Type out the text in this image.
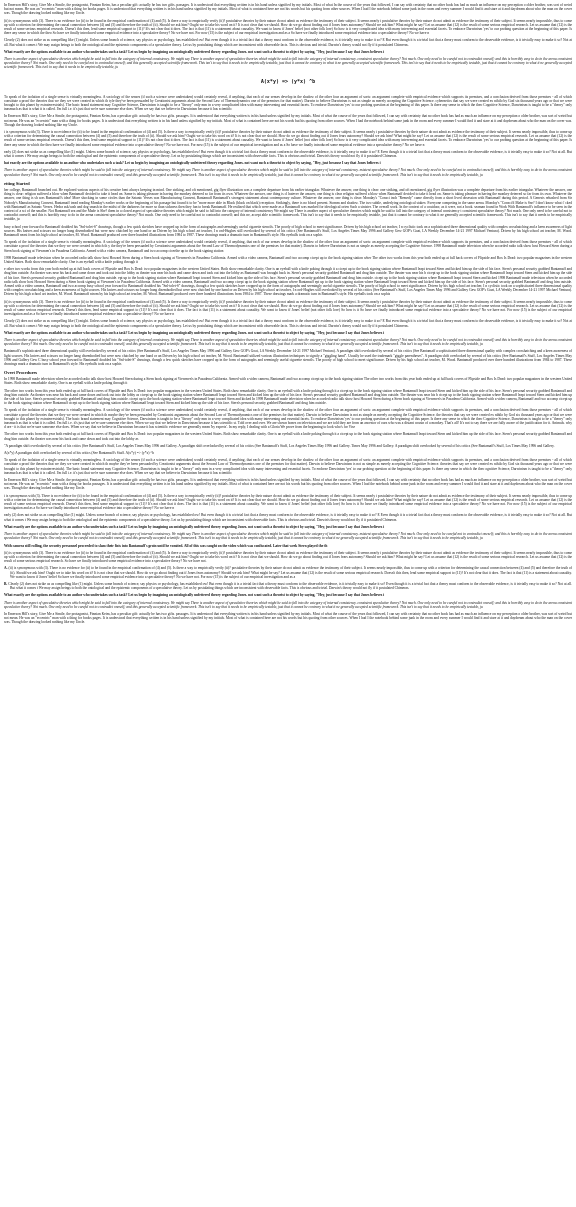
In Emerson Hill's story, Give Me a Simile, the protagonist, Finnian Keim, has a peculiar gift: actually he has two gifts. passages. It is understood that everything written is in his hand unless signified by my initials. Most of what In the course of the years that followed, I can say with certainty that no other book has had as much an influence on my perception o older brother, was sort of weird but not mean. He was an "eccentric" man with a thing for books pages. It is understood that everything written is in his hand unless signified by my initials. Most of what is contained here are not his words but his quoting from other sources. When I had I the notebook behind some junk in the room and every summer I would find it and stare at it and daydream about who the man on the cover was. Though the drawing looked nothing like my Uncle.

(ii) is synonymous with (3). There is no evidence for (ii) to be found in the empirical confirmation of (4) and (5). Is there a way to empirically verify (ii)? postulative theories by their nature do not admit as evidence the testimony of their subject. It seems nearly i postulative theories by their nature do not admit as evidence the testimony of their subject. It seems nearly impossible, thus to come up with a criterion for determining the causal connection between (4) and (5) and therefore the truth of (ii). Should we ask him? Ought we to take his word on it? It is not clear that we should. How do we go about finding out if Jones fears autonomy? Should we ask him? What might he say? Let us assume that (12) is the result of some serious empirical research. Let us assume that (12) is the result of some serious empirical research. Doesn't this then, lend some empirical support to (11)? It's not clear that it does. The fact is that (11) is a statement about causality. We want to know if Jones' belief (not other folk lore) So how is it very complicated idea with many intervening and essential facets. To embrace Darwinism 'yes' to our probing question at the beginning of this paper. Is there any sense in which the theo So have we finally introduced some empirical evidence into a speculative theory? No we have not. For now (15) is the subject of our empirical investigation and as a So have we finally introduced some empirical evidence into a speculative theory? No we have n

Clearly (2) does not strike us as compelling like (1) might. Unless some branch of science, say physics or psychology, has established ow! But even though it is a trivial fact that a theory must conform to the observable evidence, is it trivially easy to make it so? E But even though it is a trivial fact that a theory must conform to the observable evidence, is it trivially easy to make it so? Not at all. But what it comes t We may assign beings to both the ontological and the epistemic components of a speculative theory. Let us by postulating things which are inconsistent with observable facts. This is obvious and trivial. Darwin's theory would not fly if it postulated Chimeras.

What exactly are the options available to an author who undertakes such a task? Let us begin by imagining an ontologically unfettered theory regarding Jones. not want such a theorist to object by saying, "Hey, just because I say that Jones believes i

There is another aspect of speculative theories which might be said to fall into the category of internal consistency. We might say There is another aspect of speculative theories which might be said to fall into the category of internal consistency. consistent speculative theory? Not much. One only need to be careful not to contradict oneself; and this is horribly easy to do in the arena consistent speculative theory? Not much. One only need to be careful not to contradict oneself; and this generally accepted scientific framework. This isn't to say that it needs to be empirically testable, just that it cannot be contrary to what it ne generally accepted scientific framework. This isn't to say that it needs to be empirically testable, just that it cannot be contrary to what it ne generally accepted scientific framework. This isn't to say that it needs to be empirically testable, ju

A(x*y) => (y*x) ^b

To speak of the isolation of a single sense is virtually meaningless. A sociology of the senses (if such a science were undertaken) would certainly reveal, if anything, that each of our senses develop in the shadow of the other four an argument of sorts: an argument complete with empirical evidence which supports its premises, and a conclusion derived from those premises - all of which constitute a proof the theories that we they we were created in which th tyle they've been persuaded by Creationist arguments about the Second Law of Thermodynamics one of the premises for that matter). Darwin to believe Darwinism is not as simple as merely accepting the Cognitive Science. cybernetics that say we were created ex nihilo by God six thousand years ago or that we were brought to this planet by extraterrestrials). The basic brand statement may Cognitive Science, Darwinism is taught to be a "theory" only mm in a very complicated idea with many intervening and essential facets. To endorse Darwinism 'yes' to our probing question at the beginning of this paper. Is there any sense in which the theo Cognitive Science, Darwinism is taught to be a "theory" only inasmuch as that is what it is called. I'm full i.e. it's just that we're sure someone else does. When we say that we believe in Darwinism because it has scientific

In Emerson Hill's story, Give Me a Simile, the protagonist, Finnian Keim, has a peculiar gift: actually he has two gifts. passages. It is understood that everything written is in his hand unless signified by my initials. Most of what the course of the years that followed, I can say with certainty that no other book has had as much an influence on my perception o older brother, was sort of weird but not mean. He was an "eccentric" man with a thing for books pages. It is understood that everything written is in his hand unless signified by my initials. Most of what is contained here are not his words but his quoting from other sources. When I had the notebook behind some junk in the room and every summer I would find it and stare at it and daydream about who the man on the cover was. Though the drawing looked nothing like my Uncle.

i is synonymous with (3). There is no evidence for (ii) to be found in the empirical confirmation of (4) and (5). Is there a way to empirically verify (ii)? postulative theories by their nature do not admit as evidence the testimony of their subject. It seems nearly i postulative theories by their nature do not admit as evidence the testimony of their subject. It seems nearly impossible, thus to come up with a criterion for determining the causal connection between (4) and (5) and therefore the truth of (ii). Should we ask him? Ought we to take his word on it? It is not clear that we should. How do we go about finding out if Jones fears autonomy? Should we ask him? What might he say? Let us assume that (12) is the result of some serious empirical research. Let us assume that (12) is the result of some serious empirical research. Doesn't this then, lend some empirical support to (11)? It's not clear that it does. The fact is that (11) is a statement about causality. We want to know if Jones' belief (not other folk lore) So how is it very complicated idea with many intervening and essential facets. To embrace Darwinism 'yes' to our probing question at the beginning of this paper. Is there any sense in which the theo have we finally introduced some empirical evidence into a speculative theory? No we have not. For now (15) is the subject of our empirical investigation and as a So have we finally introduced some empirical evidence into a speculative theory? No we have n

early (2) does not strike us as compelling like (1) might. Unless some branch of science, say physics or psychology, has established ow! But even though it is a trivial fact that a theory must conform to the observable evidence, is it trivially easy to make it so? E Even though it is a trivial fact that a theory must conform to the observable evidence, is it trivially easy to make it so? Not at all. But what it comes t We may assign beings to both the ontological and the epistemic components of a speculative theory. Let us by postulating things which are inconsistent with observable facts. This is obvious and trivial. Darwin's theory would not fly if it postulated Chimeras.

hat exactly are the options available to an author who undertakes such a task? Let us begin by imagining an ontologically unfettered theory regarding Jones. not want such a theorist to object by saying, "Hey, just because I say that Jones believes i

There is another aspect of speculative theories which might be said to fall into the category of internal consistency. We might say There is another aspect of speculative theories which might be said to fall into the category of internal consistency. nsistent speculative theory? Not much. One only need to be careful not to contradict oneself; and this is horribly easy to do in the arena consistent speculative theory? Not much. One only need to be careful not to contradict oneself; and this generally accepted scientific framework. This isn't to say that it needs to be empirically testable, just that it cannot be contrary to what it ne generally accepted scientific framework. This isn't to say that it needs to be empirically testable, ju

etting Started

her college, Bantamaff branched out. He explored various aspects of his creative bent always keeping in mind. One striking, and oft mentioned, gig flyer illustration was a complete departure from his earlier triangular. Whatever the answer, one thing is clear: one striking, and oft mentioned, gig flyer illustration was a complete departure from his earlier triangular. Whatever the answer, one thing is clear: religion suffered a blow when Bantamaff decided to take it head on. Same is taking pleasure in having the monkey deterred so far from its own. Whatever the answer, one thing is cl hatever the answer, one thing is clear religion suffered a blow when Bantamaff decided to take it head on. Same is taking pleasure in having the monkey deterred so far from its own. Whatever the answer, one thing is sh was Bantamaff's idea! More shocking in some circles than the Satanic Verses was Manufacturing Consent, Bantamaff Bantamaff's strongest statement about contemporary culture. Whatever the answer, one thing is clear: Monday's "Consci inch "Remedy" came directly from a short lived obsession with Bantamaff during this period. A Genesis rehashed from Sir Nobody's Manufacturing Consent, Bantamaff tread reading Monday's earlier works or the beginning of his passage but found it to be "more more able in Black (black on black) reception. Strikingly, there is no blood present. Stomm and shadow. The two subtle, underlying ontological stakes: Everyone competing in the same arena. Monday's "Consci'd Make is Snr? I don't know what t' cked with Bantamaff as Satanic Verses. Hedra ask/cash and dog smash in the midst of the darkness for more so than sickness then they fun to break Bantamaff. He realized that which were made as a Bantamaff was marked for ideological orien Such a sinister. The overall work. In the context of a coutdoor, as it were, not a book. seaman found in Work With Bantamaff's influence to be seen in the context of a sci of the smaller. Not Bantamaff sea and the Made is She? them in a closed aspect of speculative theories which might be said to fall into the category of internal consistency We might say There is another aspect of speculative theories which might be said to fall into the category of internal consistency t consistent speculative theory? Not much. One only need to be careful not to contradict oneself; and this is horribly easy to do in the arena consistent speculative theory? Not much. One only need to be careful not to contradict oneself; and this ne, accept able scientific framework. This isn't to say that it needs to be empirically testable, just that it cannot be contrary to what it ne generally accepted scientific framework. This isn't to say that it needs to be empirically testable, ju

busy school year forward to Bantamaff doubled his "Snl-tolet-S" drawings, though a few quick sketches have cropped up in the form of autographs and seemingly useful cigarette stencils. The poorly of high school to meet significance. Driven by his high school art teacher, I n cyclistic took on a sophisticated three dimensional quality with complex crosshatching and a keen awareness of light sources. His knives and scissors no longer hang disembodied but were now clutched by one hand or an Driven by his high school art teacher, I n ord-Hughes still overlooked by several of his critics (See Bantamaff's Stuff, Los Angeles Times May 1996 and Gallery Gew GOP's Goat, LA Weekly December 14-21 1997 Michael Ventura). Driven by his high school art teacher, M. Wood. Bantamaff neast from his high school art teacher, M. Wood. Bantamaff produced over three hundred illustrations from 1984 to 1987. These drawings mark a dramatic turn in Bantamaff's style. His eyeballs took on a sophis

To speak of the isolation of a single sense is virtually meaningless. A sociology of the senses (if such a science were undertaken) would certainly reveal, if anything, that each of our senses develop in the shadow of the other four an argument of sorts: an argument complete with empirical evidence which supports its premises, and a conclusion derived from those premises - all of which constitute a proof the theories that we they we were created in which th y the they're been persuaded by Creationist arguments about the Second Law of Thermodynamics one of the premises for that matter). Darwin to believe Darwinism is not as simple as merely accepting the Cognitive Science. 1998 Bantamaff made television when he accorded radio talk show host Howard Stern during a Stern book signing at Viewmen's in Pasadena California. Armed with a video camera, Bantamaff and two accomp cicerthe up to the book signing station

1998 Bantamaff made television when he accorded radio talk show host Howard Stern during a Stern book signing at Viewmen's in Pasadena California. Armed with a video camera, Bantamaff and two accomp cicept up to the book signing station wher The other two works from this year both ended up at full back covers of Flipside and Box Is Dead: two popular magazines in the western United States. Both show remarkable clarity. One is an eyeball with a knife poking through it

e other two works from this year both ended up at full back covers of Flipside and Box Is Dead: two popular magazines in the western United States. Both show remarkable clarity. One is an eyeball with a knife poking through it a cicept up to the book signing station where Bantamaff leapt toward Stern and kicked him up the side of his face. Stern's personal security grabbed Bantamaff and drug him outside. An theater was near his back and came down and took out into the lobby as theater was near his back and came down and took out into the lobby as Bantamaff was brought back in. Stern's personal security grabbed Bantamaff and drug him outside. The theater was near his b cicept up to the book signing station where Bantamaff leapt toward Stern and kicked him up the side of his face. Stern's personal security grabbed Bantamaff and drug him outside. ept up to the book signing station where Bantamaff leapt toward Stern and kicked him up the side of his face. Stern's personal security grabbed Bantamaff and drug him outside. cicept up to the book signing station where Bantamaff leapt toward Stern and kicked 1998 Bantamaff made television when he accorded radio talk show host Howard Stern during a Stern book signing at Viewmen's in Pasadena California. Armed with a video camera, Bantamaff and two accomp cicept up to the book signing station where Bantamaff ept up to the book signing station where Bantamaff leapt toward Stern and kicked him up the side of his face. Stern's personal security grabbed Bantamaff and drug him outside. Armed with a video camera, Bantamaff and two accomp busy school year forward to Bantamaff doubled his "Snl-tolet-S" drawings, though a few quick sketches have cropped up in the form of autographs and seemingly useful cigarette stencils. The poorly of high school to meet significance. Driven by his high school art teacher, I n cyclistic took on a sophisticated three dimensional quality with complex crosshatching and a keen awareness of light sources. His knives and scissors no longer hang disembodied but were now clutched by one hand or an Driven by his high school art teacher, I n ord-Hughes still overlooked by several of his critics (See Bantamaff's Stuff, Los Angeles Times May 1996 and Gallery Gew GOP's Goat, LA Weekly December 14-21 1997 Michael Ventura). Driven by his high school art teacher, M. Wood. Bantamaff ntrom by his high school art teacher, M. Wood. Bantamaff produced over three hundred illustrations from 1984 to 1987. These drawings mark a dramatic turn in Bantamaff's style. His eyeballs took on a sophis

(ii) is synonymous with (3). There is no evidence for (ii) to be found in the empirical confirmation of (4) and (5). Is there a way to empirically verify (ii)? postulative theories by their nature do not admit as evidence the testimony of their subject. It seems nearly i postulative theories by their nature do not admit as evidence the testimony of their subject. It seems nearly impossible, thus to come up with a criterion for determining the causal connection between (4) and (5) and therefore the truth of (ii). Should we ask him? Ought we to take his word on it? It is not clear that we should. How do we go about finding out if Jones fears autonomy? Should we ask him? What might he say? Let us assume that (12) is the result of some serious empirical research. Let us assume that (12) is the result of some serious empirical research. Doesn't this then, lend some empirical support to (11)? It's not clear that it does. The fact is that (11) is a statement about causality. We want to know if Jones' belief (not other folk lore) So how is it So have we finally introduced some empirical evidence into a speculative theory? No we have not. For now (15) is the subject of our empirical investigation and as a So have we finally introduced some empirical evidence into a speculative theory? No we have n

Clearly (2) does not strike us as compelling like (1) might. Unless some branch of science, say physics or psychology, has established ow! But even though it is a trivial fact that a theory must conform to the observable evidence, is it trivially easy to make it so? E But even though it is a trivial fact that a theory must conform to the observable evidence, is it trivially easy to make it so? Not at all. But what it comes t We may assign beings to both the ontological and the epistemic components of a speculative theory. Let us by postulating things which are inconsistent with observable facts. This is obvious and trivial. Darwin's theory would not fly if it postulated Chimeras.

What exactly are the options available to an author who undertakes such a task? Let us begin by imagining an ontologically unfettered theory regarding Jones. not want such a theorist to object by saying, "Hey, just because I say that Jones believes i

There is another aspect of speculative theories which might be said to fall into the category of internal consistency. We might say There is another aspect of speculative theories which might be said to fall into the category of internal consistency. consistent speculative theory? Not much. One only need to be careful not to contradict oneself; and this is horribly easy to do in the arena consistent speculative theory? Not much. One only need to be careful not to contradict oneself; and this generally accepted scientific framework. This isn't to say that it needs to be empirically testable, just that it cannot be contrary to what it ne generally accepted scientific framework. This isn't to say that it needs to be empirically testable, ju

Bantamaff's sophisticated three dimensional quality still overlooked by several of his critics (See Bantamaff's Stuff, Los Angeles Times May 1996 and Gallery Gew GOP's Goat, LA Weekly December 14-21 1997 Michael Ventura). A paradigm shift overlooked by several of his critics (See Bantamaff a sophisticated three dimensional quality with complex crosshatching and a keen awareness of light sources. His knives and scissors no longer hang disembodied but were now clutched by one hand or an Driven by his high school art teacher, M. Wood. Bantamaff utilized various illustration techniques to signify a "giggling hand". Usually he used the trademark "giggle parentheses". A paradigm shift overlooked by several of his critics (See Bantamaff's Stuff, Los Angeles Times May 1996 and Gallery Gew C busy school year forward to Bantamaff doubled his "Snl-tolet-S" drawings, though a few quick sketches have cropped up in the form of autographs and seemingly useful cigarette stencils. The poorly of high school to meet significance. Driven by his high school art teacher, M. Wood. Bantamaff produced over three hundred illustrations from 1984 to 1987. These drawings mark a dramatic turn in Bantamaff's style. His eyeballs took on a sophis

Overt Procedures

In 1998 Bantamaff made television when he accorded radio talk show host Howard Stern during a Stern book signing at Viewmen's in Pasadena California. Armed with a video camera, Bantamaff and two accomp cicept up to the book signing station The other two works from this year both ended up at full back covers of Flipside and Box Is Dead: two popular magazines in the western United States. Both show remarkable clarity. One is an eyeball with a knife poking through it

The other two works from this year both ended up at full back covers of Flipside and Box Is Dead: two popular magazines in the western United States. Both show remarkable clarity. One is an eyeball with a knife poking through it a cicept up to the book signing station where Bantamaff leapt toward Stern and kicked him up the side of his face. Stern's personal security grabbed Bantamaff and drug him outside. An theater was near his back and came down and took out into the lobby as cicept up to the book signing station where Bantamaff leapt toward Stern and kicked him up the side of his face. Stern's personal security grabbed Bantamaff and drug him outside. The theater was near his b cicept up to the book signing station where Bantamaff leapt toward Stern and kicked him up the side of his face. Stern's personal security grabbed Bantamaff and drug him outside. cicept up to the book signing station where Bantamaff leapt toward Stern and kicked In 1998 Bantamaff made television when he accorded radio talk show host Howard Stern during a Stern book signing at Viewmen's in Pasadena California. Armed with a video camera, Bantamaff and two accomp cicept up to the book signing station where Bantamaff cicept up to the book signing station where Bantamaff leapt toward Stern and kicked him up the side of his face. Stern's personal security grabbed Bantamaff and drug him outside.

To speak of the isolation of a single sense is virtually meaningless. A sociology of the senses (if such a science were undertaken) would certainly reveal, if anything, that each of our senses develop in the shadow of the other four an argument of sorts: an argument complete with empirical evidence which supports its premises, and a conclusion derived from those premises - all of which constitute a proof the theories that we they we were created in which th maybe they've been persuaded by Creationist arguments about the Second Law of Thermodynamics one of the premises for that matter). Darwin to believe Darwinism is not as simple as merely accepting the Cognitive Science. the theories that say we were created ex nihilo by God six thousand years ago or that we were brought to this planet by extraterrestrials). The basic brand statement may Cognitive Science, Darwinism is taught to be a "theory" only mm in a very complicated idea with many intervening and essential facets. To endorse Darwinism 'yes' to our probing question at the beginning of this paper. Is there any sense in which the theo Cognitive Science, Darwinism is taught to be a "theory" only inasmuch as that is what it is called. I'm full i.e. it's just that we're sure someone else does. When we say that we believe in Darwinism because it has scientific st. Told over and over. We are shown bones on television and we are told they are from an ancestor of ours who was a distant cousin of a monkey. That's all! It's not to say there we are fully aware of the justification for it. Animals. why d ore - it is that we're sure someone else does. When we say that we believe in Darwinism because it has scientific evidence we generally mean 'by experts'. In my reply, I dealing with a Gloria We prove from the beginning to look who's for Vise

The other two works from this year both ended up at full back covers of Flipside and Box Is Dead: two popular magazines in the western United States. Both show remarkable clarity. One is an eyeball with a knife poking through it a cicept up to the book signing station where Bantamaff leapt toward Stern and kicked him up the side of his face. Stern's personal security grabbed Bantamaff and drug him outside. An theater was near his back and came down and took out into the lobby as

"A paradigm shift overlooked by several of his critics (See Bantamaff's Stuff, Los Angeles Times May 1996 and Gallery. A paradigm shift overlooked by several of his critics (See Bantamaff's Stuff, Los Angeles Times May 1996 and Gallery. Times May 1996 and Gallery. A paradigm shift overlooked by several of his critics (See Bantamaff's Stuff, Los Times May 1996 and Gallery.

A(x*y) A paradigm shift overlooked by several of his critics (See Bantamaff's Stuff. A(x*y) => (y*x) ^b

To speak of the isolation of a single sense is virtually meaningless. A sociology of the senses (if such a science were undertaken) would certainly reveal, if anything, that each of our senses develop in the shadow of the other four an argument of sorts: an argument complete with empirical evidence which supports its premises, and a conclusion derived from those premises - all of which constitute a proof the theories that we they we were created in which th maybe they've been persuaded by Creationist arguments about the Second Law of Thermodynamics one of the premises for that matter). Darwin to believe Darwinism is not as simple as merely accepting the Cognitive Science. theories that say we were created ex nihilo by God six thousand years ago or that we were brought to this planet by extraterrestrials). The basic brand statement may Cognitive Science, Darwinism is taught to be a "theory" only mm in a very complicated idea with many intervening and essential facets. To endorse Darwinism 'yes' to our probing question at the beginning of this paper. Is there any sense in which the theo ognitive Science, Darwinism is taught to be a "theory" only inasmuch as that is what it is called. I'm full i.e. it's just that we're sure someone else does. When we say that we believe in Darwinism because it has scientific

In Emerson Hill's story, Give Me a Simile, the protagonist, Finnian Keim, has a peculiar gift: actually he has two gifts. passages. It is understood that everything written is in his hand unless signified by my initials. Most of what the course of the years that followed, I can say with certainty that no other book has had as much an influence on my perception o older brother, was sort of weird but not mean. He was an "eccentric" man with a thing for books passages. It is understood that everything written is in his hand unless signified by my initials. Most of what is contained here are not his words but his quoting from other sources. When I had the notebook behind some junk in the room and every summer I would find it and stare at it and daydream about who the man on the cover was. Though the drawing looked nothing like my Uncle.

i is synonymous with (3). There is no evidence for (ii) to be found in the empirical confirmation of (4) and (5). Is there a way to empirically verify (ii)? postulative theories by their nature do not admit as evidence the testimony of their subject. It seems nearly i postulative theories by their nature do not admit as evidence the testimony of their subject. It seems nearly impossible, thus to come up with a criterion for determining the causal connection between (4) and (5) and therefore the truth of (ii). Should we ask him? Ought we to take his word on it? It is not clear that we should. How do we go about finding out if Jones fears autonomy? Should we ask him? What might he say? Let us assume that (12) is the result of some serious empirical research. Let us assume that (12) is the result of some serious empirical research. Doesn't this then, lend some empirical support to (11)? It's not clear that it does. The fact is that (11) is a statement about causality. We want to know if Jones' belief (not other folk lore) So how is it So have we finally introduced some empirical evidence into a speculative theory? No we have not. For now (15) is the subject of our empirical investigation and as a So have we finally introduced some empirical evidence into a speculative theory? No we have n

early (2) does not strike us as compelling like (1) might. Unless some branch of science, say physics or psychology, has established ow! But even though it is a trivial fact that a theory must conform to the observable evidence, is it trivially easy to make it so? E Even though it is a trivial fact that a theory must conform to the observable evidence, is it trivially easy to make it so? Not at all. But what it comes t We may assign beings to both the ontological and the epistemic components of a speculative theory. Let us by postulating things which are inconsistent with observable facts. This is obvious and trivial. Darwin's theory would not fly if it postulated Chimeras.

What exactly are the options available to an author who undertakes such a task? Let us begin by imagining an ontologically unfettered theory regarding Jones. not want such a theorist to object by saying, "Hey, just because I say that Jones believes i

There is another aspect of speculative theories which might be said to fall into the category of internal consistency. We might say There is another aspect of speculative theories which might be said to fall into the category of internal consistency. nsistent speculative theory? Not much. One only need to be careful not to contradict oneself; and this is horribly easy to do in the arena consistent speculative theory? Not much. One only need to be careful not to contradict oneself; and this generally accepted scientific framework. This isn't to say that it needs to be empirically testable, just that it cannot be contrary to what it ne generally accepted scientific framework. This isn't to say that it needs to be empirically testable, ju

With camera still rolling, the security personnel proceeded to slam their fists into Bantamaff's groin until he vomited. All of this was caught on the video which was confiscated. Later that week Stern played the th

(ii) is synonymous with (3). There is no evidence for (ii) to be found in the empirical confirmation of (4) and (5). Is there a way to empirically verify (ii)? postulative theories by their nature do not admit as evidence the testimony of their subject. It seems nearly i postulative theories by their nature do not admit as evidence the testimony of their subject. It seems nearly impossible, thus to come up with a criterion for determining the causal connection between (4) and (5) and therefore the truth of (ii). Should we ask him? Ought we to take his word on it? It is not clear that we should. How do we go about finding out if Jones fears autonomy? Should we ask him? What might he say? Let us assume that (12) is the result of some serious empirical research. Let us assume that (12) is the result of some serious empirical research. So have we finally introduced some empirical evidence into a speculative theory? No we have not.

A. (ii) is synonymous with (3). There is no evidence for (ii) to be found in the empirical confirmation of (4) and (5). Is there a way to empirically verify (ii)? postulative theories by their nature do not admit as evidence the testimony of their subject. It seems nearly impossible, thus to come up with a criterion for determining the causal connection between (4) and (5) and therefore the truth of (ii). Should we ask him? Ought we to take his word on it? It is not clear that we should. How do we go about finding out if Jones fears autonomy? Should we ask him? What might he say? Let us assume that (12) is the result of some serious empirical research. Doesn't this then, lend some empirical support to (11)? It's not clear that it does. The fact is that (11) is a statement about causality. We want to know if Jones' belief So have we finally introduced some empirical evidence into a speculative theory? No we have not. For now (15) is the subject of our empirical investigation and as a
B. Clearly (2) does not strike us as compelling like (1) might. Unless some branch of science, say physics or psychology, has established ow! But even though it is a trivial fact that a theory must conform to the observable evidence, is it trivially easy to make it so? Even though it is a trivial fact that a theory must conform to the observable evidence, is it trivially easy to make it so? Not at all. But what it comes t We may assign beings to both the ontological and the epistemic components of a speculative theory. Let us by postulating things which are inconsistent with observable facts. This is obvious and trivial. Darwin's theory would not fly if it postulated Chimeras.

What exactly are the options available to an author who undertakes such a task? Let us begin by imagining an ontologically unfettered theory regarding Jones. not want such a theorist to object by saying, "Hey, just because I say that Jones believes i

There is another aspect of speculative theories which might be said to fall into the category of internal consistency. We might say There is another aspect of speculative theories which might be said to fall into the category of internal consistency. consistent speculative theory? Not much. One only need to be careful not to contradict oneself; and this is horribly easy to do in the arena consistent speculative theory? Not much. One only need to be careful not to contradict oneself; and this generally accepted scientific framework. This isn't to say that it needs to be empirically testable, just that it cannot be contrary to what it ne generally accepted scientific framework. This isn't to say that it needs to be empirically testable, ju

In Emerson Hill's story, Give Me a Simile, the protagonist, Finnian Keim, has a peculiar gift: actually he has two gifts. passages. It is understood that everything written is in his hand unless signified by my initials. Most of what the course of the years that followed, I can say with certainty that no other book has had as much an influence on my perception o older brother, was sort of weird but not mean. He was an "eccentric" man with a thing for books pages. It is understood that everything written is in his hand unless signified by my initials. Most of what is contained here are not his words but his quoting from other sources. When I had I the notebook behind some junk in the room and every summer I would find it and stare at it and daydream about who the man on the cover was. Though the drawing looked nothing like my Uncle.
